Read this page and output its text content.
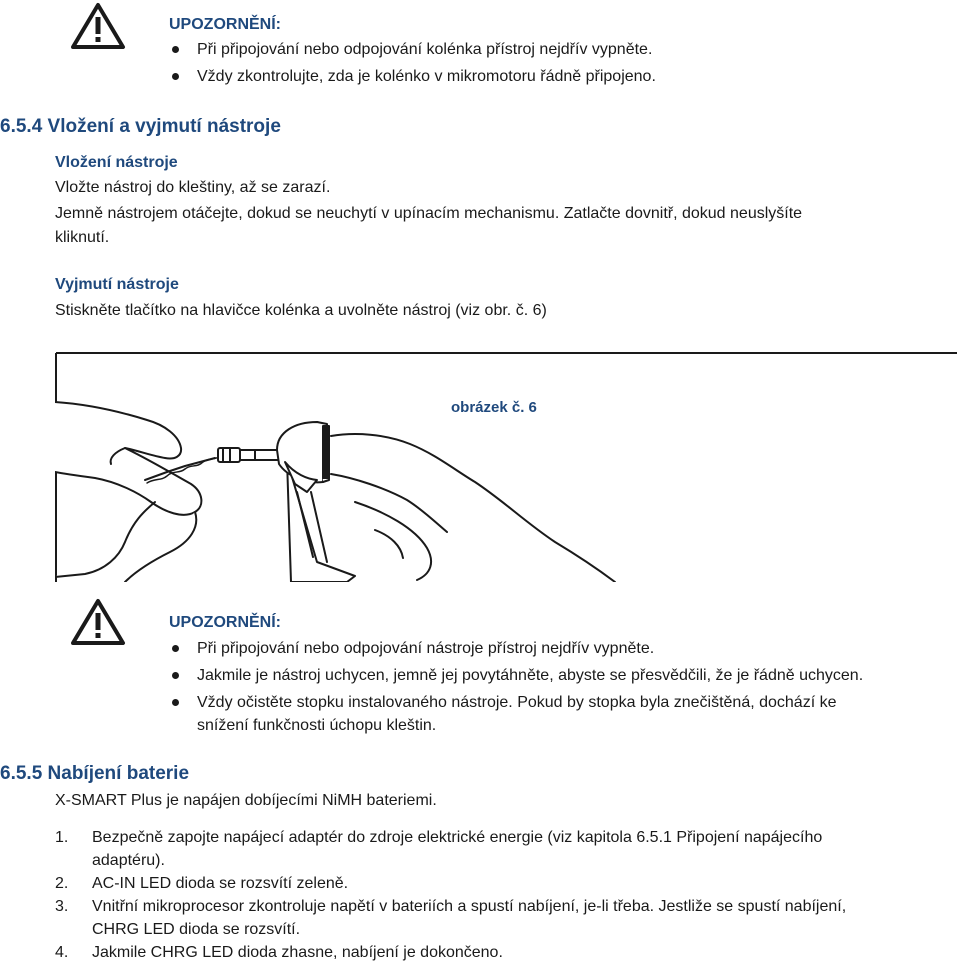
UPOZORNĚNÍ:
Při připojování nebo odpojování kolénka přístroj nejdřív vypněte.
Vždy zkontrolujte, zda je kolénko v mikromotoru řádně připojeno.
6.5.4 Vložení a vyjmutí nástroje
Vložení nástroje
Vložte nástroj do kleštiny, až se zarazí.
Jemně nástrojem otáčejte, dokud se neuchytí v upínacím mechanismu. Zatlačte dovnitř, dokud neuslyšíte
kliknutí.
Vyjmutí nástroje
Stiskněte tlačítko na hlavičce kolénka a uvolněte nástroj (viz obr. č. 6)
obrázek č. 6
UPOZORNĚNÍ:
Při připojování nebo odpojování nástroje přístroj nejdřív vypněte.
Jakmile je nástroj uchycen, jemně jej povytáhněte, abyste se přesvědčili, že je řádně uchycen.
Vždy očistěte stopku instalovaného nástroje. Pokud by stopka byla znečištěná, dochází ke
snížení funkčnosti úchopu kleštin.
6.5.5 Nabíjení baterie
X-SMART Plus je napájen dobíjecími NiMH bateriemi.
1. Bezpečně zapojte napájecí adaptér do zdroje elektrické energie (viz kapitola 6.5.1 Připojení napájecího
adaptéru).
2. AC-IN LED dioda se rozsvítí zeleně.
3. Vnitřní mikroprocesor zkontroluje napětí v bateriích a spustí nabíjení, je-li třeba. Jestliže se spustí nabíjení,
CHRG LED dioda se rozsvítí.
4. Jakmile CHRG LED dioda zhasne, nabíjení je dokončeno.
